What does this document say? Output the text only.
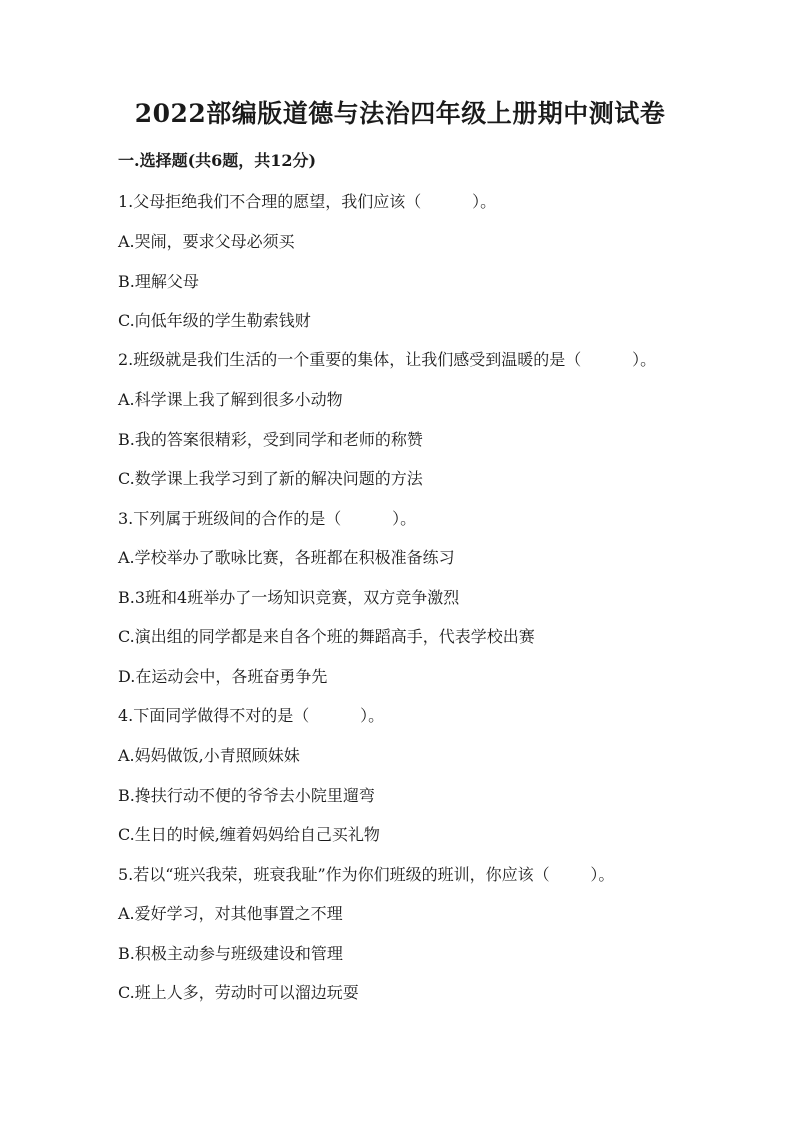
2022部编版道德与法治四年级上册期中测试卷

一.选择题(共6题，共12分)

1.父母拒绝我们不合理的愿望，我们应该（          ）。

A.哭闹，要求父母必须买

B.理解父母

C.向低年级的学生勒索钱财

2.班级就是我们生活的一个重要的集体，让我们感受到温暖的是（          ）。

A.科学课上我了解到很多小动物

B.我的答案很精彩，受到同学和老师的称赞

C.数学课上我学习到了新的解决问题的方法

3.下列属于班级间的合作的是（          ）。

A.学校举办了歌咏比赛，各班都在积极准备练习

B.3班和4班举办了一场知识竞赛，双方竞争激烈

C.演出组的同学都是来自各个班的舞蹈高手，代表学校出赛

D.在运动会中，各班奋勇争先

4.下面同学做得不对的是（          ）。

A.妈妈做饭,小青照顾妹妹

B.搀扶行动不便的爷爷去小院里遛弯

C.生日的时候,缠着妈妈给自己买礼物

5.若以“班兴我荣，班衰我耻”作为你们班级的班训，你应该（        ）。

A.爱好学习，对其他事置之不理

B.积极主动参与班级建设和管理

C.班上人多，劳动时可以溜边玩耍
